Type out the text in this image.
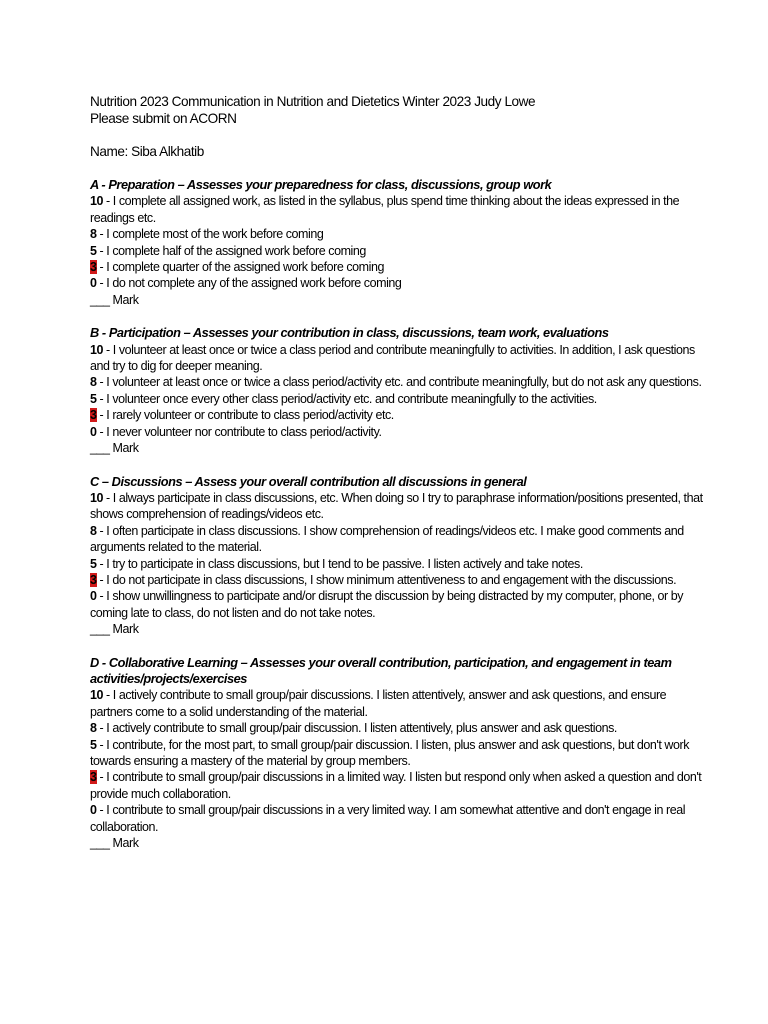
Nutrition 2023 Communication in Nutrition and Dietetics Winter 2023 Judy Lowe
Please submit on ACORN
Name: Siba Alkhatib
A - Preparation – Assesses your preparedness for class, discussions, group work
10 - I complete all assigned work, as listed in the syllabus, plus spend time thinking about the ideas expressed in the readings etc.
8 - I complete most of the work before coming
5 - I complete half of the assigned work before coming
3 - I complete quarter of the assigned work before coming
0 - I do not complete any of the assigned work before coming
___ Mark
B - Participation – Assesses your contribution in class, discussions, team work, evaluations
10 - I volunteer at least once or twice a class period and contribute meaningfully to activities. In addition, I ask questions and try to dig for deeper meaning.
8 - I volunteer at least once or twice a class period/activity etc. and contribute meaningfully, but do not ask any questions.
5 - I volunteer once every other class period/activity etc. and contribute meaningfully to the activities.
3 - I rarely volunteer or contribute to class period/activity etc.
0 - I never volunteer nor contribute to class period/activity.
___ Mark
C – Discussions – Assess your overall contribution all discussions in general
10 - I always participate in class discussions, etc. When doing so I try to paraphrase information/positions presented, that shows comprehension of readings/videos etc.
8 - I often participate in class discussions. I show comprehension of readings/videos etc. I make good comments and arguments related to the material.
5 - I try to participate in class discussions, but I tend to be passive. I listen actively and take notes.
3 - I do not participate in class discussions, I show minimum attentiveness to and engagement with the discussions.
0 - I show unwillingness to participate and/or disrupt the discussion by being distracted by my computer, phone, or by coming late to class, do not listen and do not take notes.
___ Mark
D - Collaborative Learning – Assesses your overall contribution, participation, and engagement in team activities/projects/exercises
10 - I actively contribute to small group/pair discussions. I listen attentively, answer and ask questions, and ensure partners come to a solid understanding of the material.
8 - I actively contribute to small group/pair discussion. I listen attentively, plus answer and ask questions.
5 - I contribute, for the most part, to small group/pair discussion. I listen, plus answer and ask questions, but don't work towards ensuring a mastery of the material by group members.
3 - I contribute to small group/pair discussions in a limited way. I listen but respond only when asked a question and don't provide much collaboration.
0 - I contribute to small group/pair discussions in a very limited way. I am somewhat attentive and don't engage in real collaboration.
___ Mark
